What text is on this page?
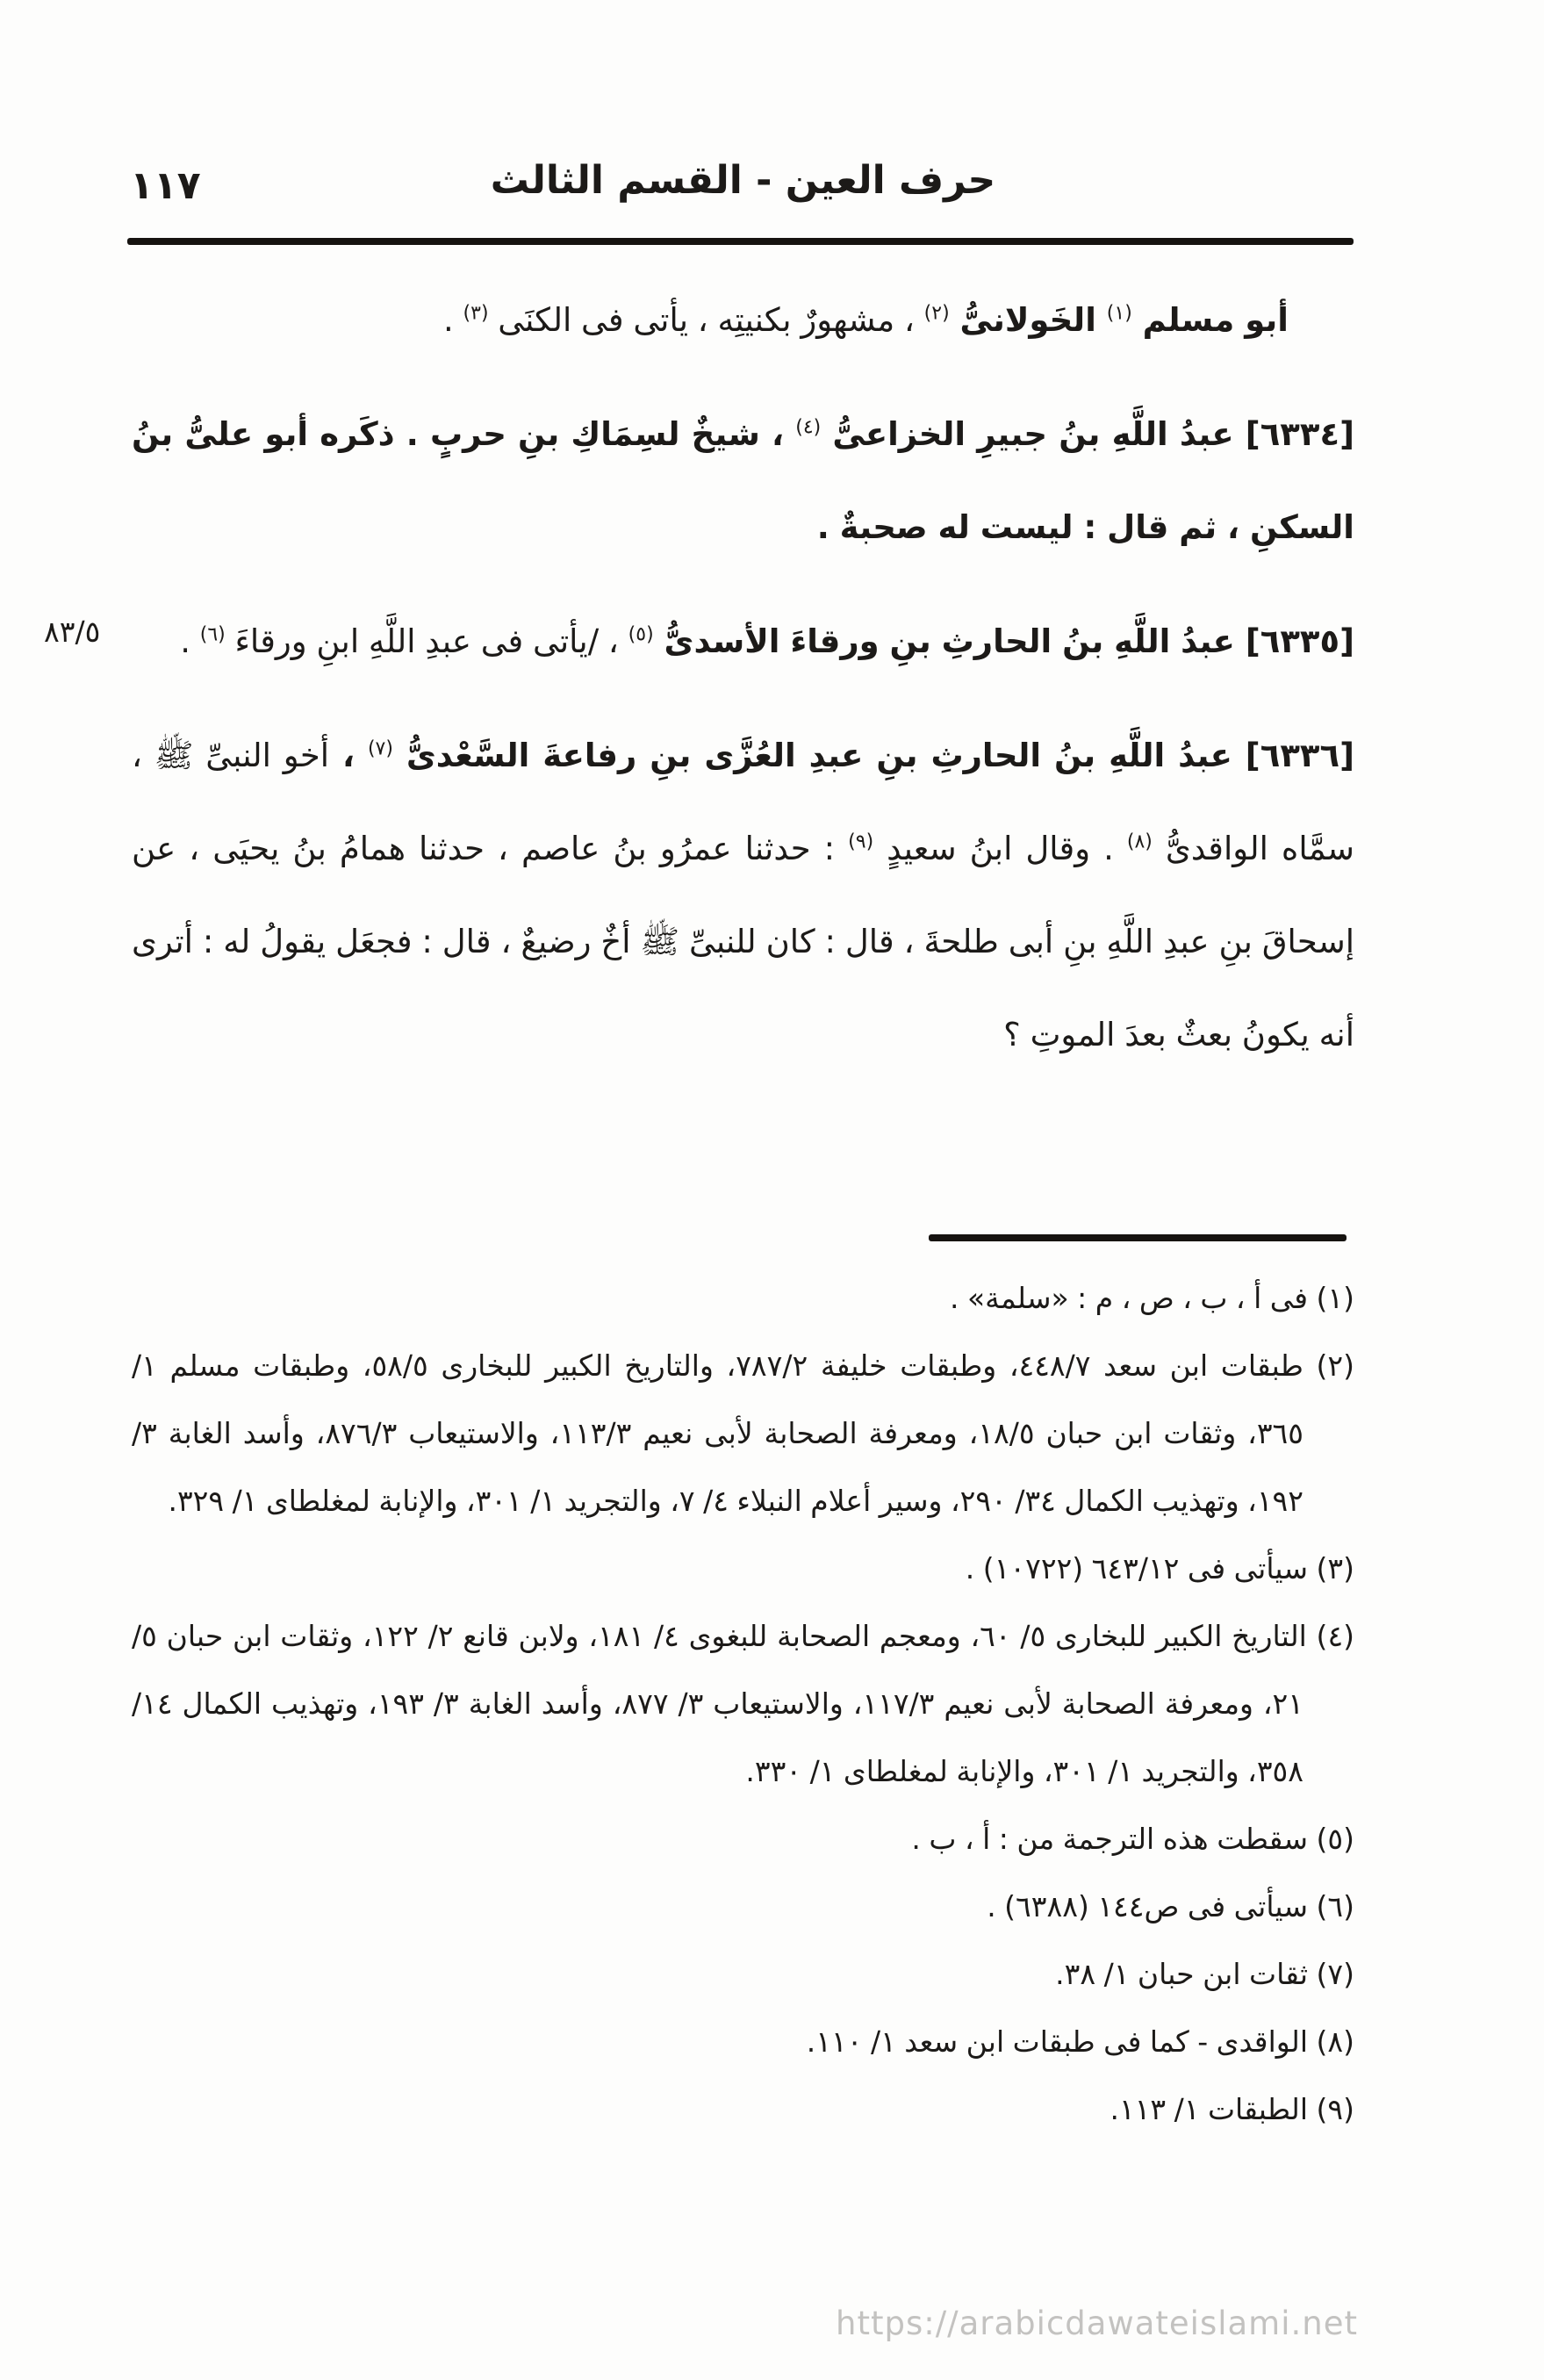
١١٧	حرف العين - القسم الثالث

أبو مسلم $^{(١)}$ الخَولانىُّ $^{(٢)}$ ، مشهورٌ بكنيتِه ، يأتى فى الكنَى $^{(٣)}$ .

[٦٣٣٤] عبدُ اللَّهِ بنُ جبيرِ الخزاعىُّ $^{(٤)}$ ، شيخٌ لسِمَاكِ بنِ حربٍ . ذكَره أبو علىُّ بنُ السكنِ ، ثم قال : ليست له صحبةٌ .

[٦٣٣٥] عبدُ اللَّهِ بنُ الحارثِ بنِ ورقاءَ الأسدىُّ $^{(٥)}$ ، /يأتى فى عبدِ اللَّهِ ابنِ ورقاءَ $^{(٦)}$ .

[٦٣٣٦] عبدُ اللَّهِ بنُ الحارثِ بنِ عبدِ العُزَّى بنِ رفاعةَ السَّعْدىُّ $^{(٧)}$ ، أخو النبىِّ ﷺ ، سمَّاه الواقدىُّ $^{(٨)}$ . وقال ابنُ سعيدٍ $^{(٩)}$ : حدثنا عمرُو بنُ عاصم ، حدثنا همامُ بنُ يحيَى ، عن إسحاقَ بنِ عبدِ اللَّهِ بنِ أبى طلحةَ ، قال : كان للنبىِّ ﷺ أخٌ رضيعٌ ، قال : فجعَل يقولُ له : أترى أنه يكونُ بعثٌ بعدَ الموتِ ؟

٨٣/٥

(١) فى أ ، ب ، ص ، م : «سلمة» .

(٢) طبقات ابن سعد ٤٤٨/٧، وطبقات خليفة ٧٨٧/٢، والتاريخ الكبير للبخارى ٥٨/٥، وطبقات مسلم ١/ ٣٦٥، وثقات ابن حبان ١٨/٥، ومعرفة الصحابة لأبى نعيم ١١٣/٣، والاستيعاب ٨٧٦/٣، وأسد الغابة ٣/ ١٩٢، وتهذيب الكمال ٣٤/ ٢٩٠، وسير أعلام النبلاء ٤/ ٧، والتجريد ١/ ٣٠١، والإنابة لمغلطاى ١/ ٣٢٩.

(٣) سيأتى فى ٦٤٣/١٢ (١٠٧٢٢) .

(٤) التاريخ الكبير للبخارى ٥/ ٦٠، ومعجم الصحابة للبغوى ٤/ ١٨١، ولابن قانع ٢/ ١٢٢، وثقات ابن حبان ٥/ ٢١، ومعرفة الصحابة لأبى نعيم ١١٧/٣، والاستيعاب ٣/ ٨٧٧، وأسد الغابة ٣/ ١٩٣، وتهذيب الكمال ١٤/ ٣٥٨، والتجريد ١/ ٣٠١، والإنابة لمغلطاى ١/ ٣٣٠.

(٥) سقطت هذه الترجمة من : أ ، ب .

(٦) سيأتى فى ص١٤٤ (٦٣٨٨) .

(٧) ثقات ابن حبان ١/ ٣٨.

(٨) الواقدى - كما فى طبقات ابن سعد ١/ ١١٠.

(٩) الطبقات ١/ ١١٣.

https://arabicdawateislami.net
